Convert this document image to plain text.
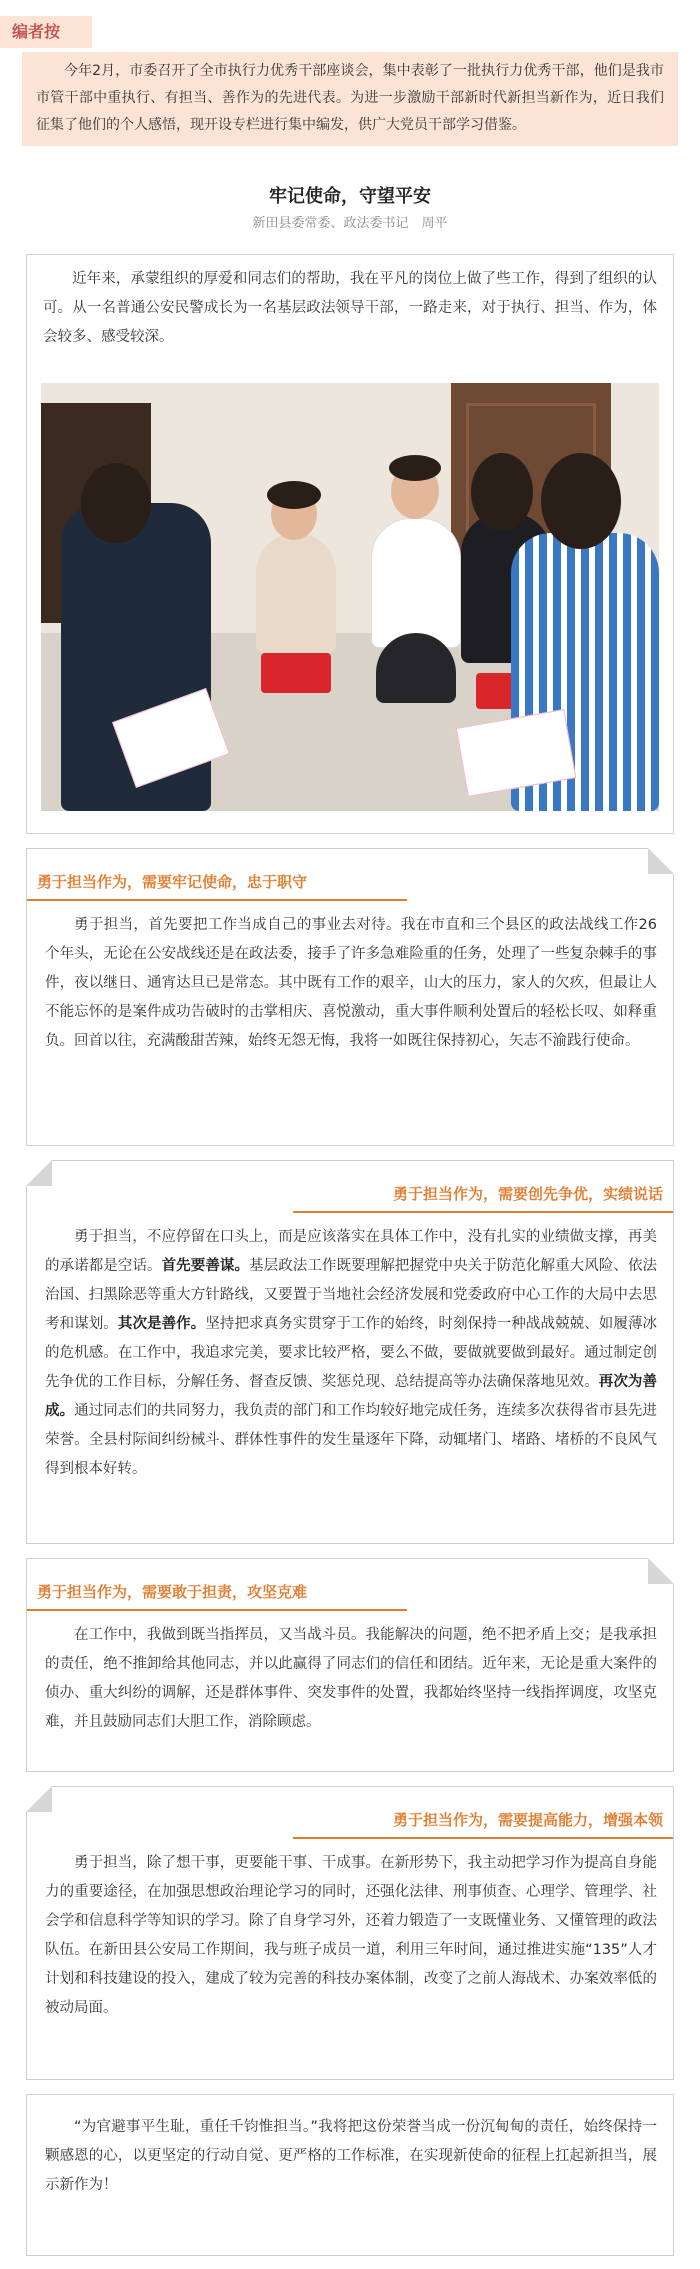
编者按

今年2月，市委召开了全市执行力优秀干部座谈会，集中表彰了一批执行力优秀干部，他们是我市市管干部中重执行、有担当、善作为的先进代表。为进一步激励干部新时代新担当新作为，近日我们征集了他们的个人感悟，现开设专栏进行集中编发，供广大党员干部学习借鉴。

牢记使命，守望平安
新田县委常委、政法委书记　周平

近年来，承蒙组织的厚爱和同志们的帮助，我在平凡的岗位上做了些工作，得到了组织的认可。从一名普通公安民警成长为一名基层政法领导干部，一路走来，对于执行、担当、作为，体会较多、感受较深。

勇于担当作为，需要牢记使命，忠于职守

勇于担当，首先要把工作当成自己的事业去对待。我在市直和三个县区的政法战线工作26个年头，无论在公安战线还是在政法委，接手了许多急难险重的任务，处理了一些复杂棘手的事件，夜以继日、通宵达旦已是常态。其中既有工作的艰辛，山大的压力，家人的欠疚，但最让人不能忘怀的是案件成功告破时的击掌相庆、喜悦激动，重大事件顺利处置后的轻松长叹、如释重负。回首以往，充满酸甜苦辣，始终无怨无悔，我将一如既往保持初心，矢志不渝践行使命。

勇于担当作为，需要创先争优，实绩说话

勇于担当，不应停留在口头上，而是应该落实在具体工作中，没有扎实的业绩做支撑，再美的承诺都是空话。首先要善谋。基层政法工作既要理解把握党中央关于防范化解重大风险、依法治国、扫黑除恶等重大方针路线，又要置于当地社会经济发展和党委政府中心工作的大局中去思考和谋划。其次是善作。坚持把求真务实贯穿于工作的始终，时刻保持一种战战兢兢、如履薄冰的危机感。在工作中，我追求完美，要求比较严格，要么不做，要做就要做到最好。通过制定创先争优的工作目标，分解任务、督查反馈、奖惩兑现、总结提高等办法确保落地见效。再次为善成。通过同志们的共同努力，我负责的部门和工作均较好地完成任务，连续多次获得省市县先进荣誉。全县村际间纠纷械斗、群体性事件的发生量逐年下降，动辄堵门、堵路、堵桥的不良风气得到根本好转。

勇于担当作为，需要敢于担责，攻坚克难

在工作中，我做到既当指挥员，又当战斗员。我能解决的问题，绝不把矛盾上交；是我承担的责任，绝不推卸给其他同志，并以此赢得了同志们的信任和团结。近年来，无论是重大案件的侦办、重大纠纷的调解，还是群体事件、突发事件的处置，我都始终坚持一线指挥调度，攻坚克难，并且鼓励同志们大胆工作，消除顾虑。

勇于担当作为，需要提高能力，增强本领

勇于担当，除了想干事，更要能干事、干成事。在新形势下，我主动把学习作为提高自身能力的重要途径，在加强思想政治理论学习的同时，还强化法律、刑事侦查、心理学、管理学、社会学和信息科学等知识的学习。除了自身学习外，还着力锻造了一支既懂业务、又懂管理的政法队伍。在新田县公安局工作期间，我与班子成员一道，利用三年时间，通过推进实施“135”人才计划和科技建设的投入，建成了较为完善的科技办案体制，改变了之前人海战术、办案效率低的被动局面。

“为官避事平生耻，重任千钧惟担当。”我将把这份荣誉当成一份沉甸甸的责任，始终保持一颗感恩的心，以更坚定的行动自觉、更严格的工作标准，在实现新使命的征程上扛起新担当，展示新作为！
